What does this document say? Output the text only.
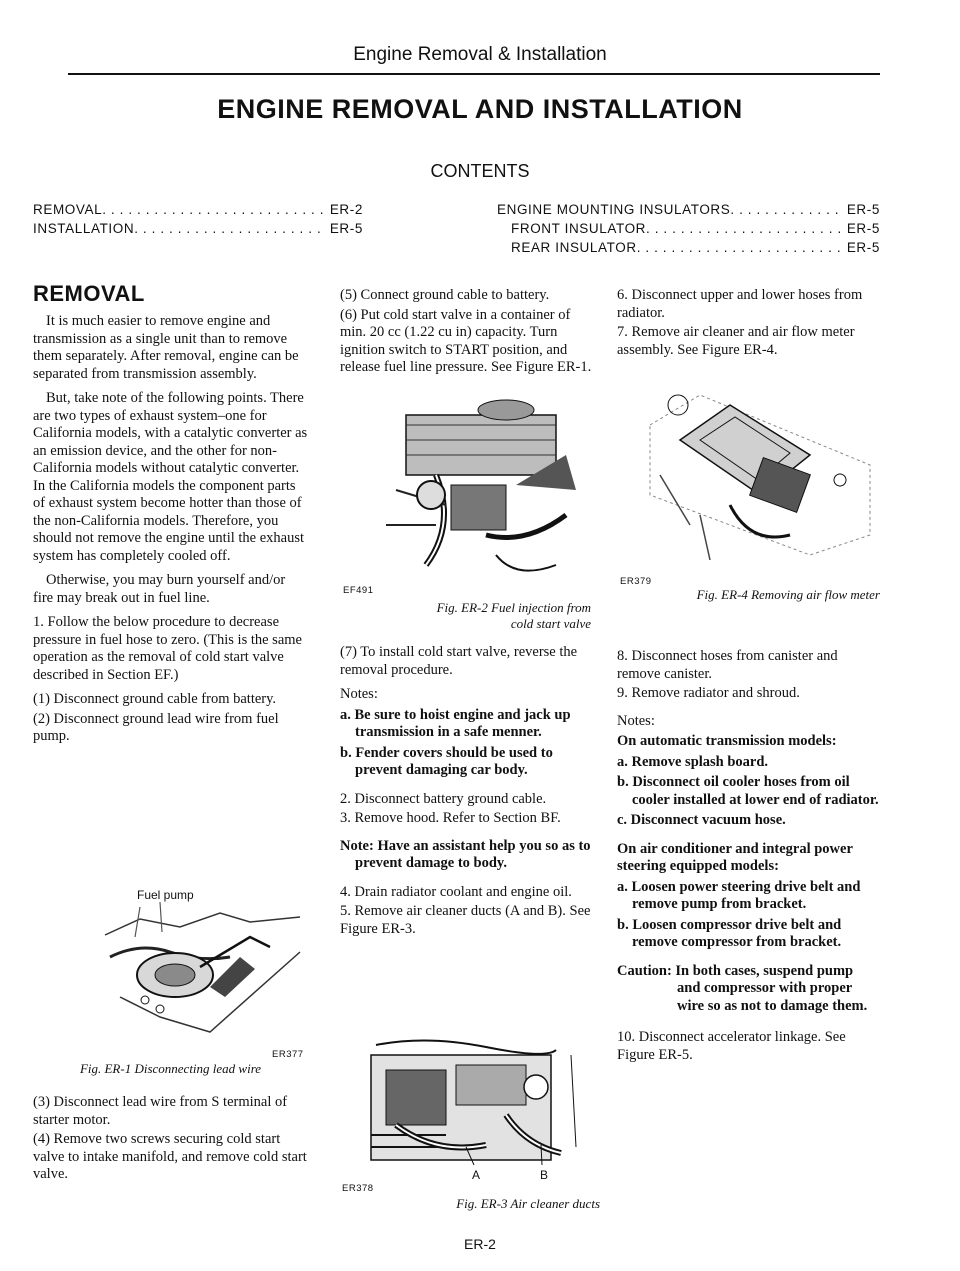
Engine Removal & Installation
ENGINE REMOVAL AND INSTALLATION
CONTENTS
REMOVAL . . .	ER-2
INSTALLATION . . .	ER-5
ENGINE MOUNTING INSULATORS . . .	ER-5
FRONT INSULATOR . . .	ER-5
REAR INSULATOR . . .	ER-5
REMOVAL

It is much easier to remove engine and transmission as a single unit than to remove them separately. After removal, engine can be separated from transmission assembly.

But, take note of the following points. There are two types of exhaust system–one for California models, with a catalytic converter as an emission device, and the other for non-California models without catalytic converter. In the California models the component parts of exhaust system become hotter than those of the non-California models. Therefore, you should not remove the engine until the exhaust system has completely cooled off.

Otherwise, you may burn yourself and/or fire may break out in fuel line.

1. Follow the below procedure to decrease pressure in fuel hose to zero. (This is the same operation as the removal of cold start valve described in Section EF.)

(1) Disconnect ground cable from battery.

(2) Disconnect ground lead wire from fuel pump.

Fuel pump
ER377
Fig. ER-1 Disconnecting lead wire

(3) Disconnect lead wire from S terminal of starter motor.

(4) Remove two screws securing cold start valve to intake manifold, and remove cold start valve.

(5) Connect ground cable to battery.

(6) Put cold start valve in a container of min. 20 cc (1.22 cu in) capacity. Turn ignition switch to START position, and release fuel line pressure. See Figure ER-1.

EF491
Fig. ER-2 Fuel injection from
cold start valve

(7) To install cold start valve, reverse the removal procedure.

Notes:

a. Be sure to hoist engine and jack up transmission in a safe menner.

b. Fender covers should be used to prevent damaging car body.

2. Disconnect battery ground cable.

3. Remove hood. Refer to Section BF.

Note: Have an assistant help you so as to prevent damage to body.

4. Drain radiator coolant and engine oil.

5. Remove air cleaner ducts (A and B). See Figure ER-3.

A	B
ER378
Fig. ER-3 Air cleaner ducts

6. Disconnect upper and lower hoses from radiator.

7. Remove air cleaner and air flow meter assembly. See Figure ER-4.

ER379
Fig. ER-4 Removing air flow meter

8. Disconnect hoses from canister and remove canister.

9. Remove radiator and shroud.

Notes:

On automatic transmission models:

a. Remove splash board.

b. Disconnect oil cooler hoses from oil cooler installed at lower end of radiator.

c. Disconnect vacuum hose.

On air conditioner and integral power steering equipped models:

a. Loosen power steering drive belt and remove pump from bracket.

b. Loosen compressor drive belt and remove compressor from bracket.

Caution: In both cases, suspend pump and compressor with proper wire so as not to damage them.

10. Disconnect accelerator linkage. See Figure ER-5.

ER-2
